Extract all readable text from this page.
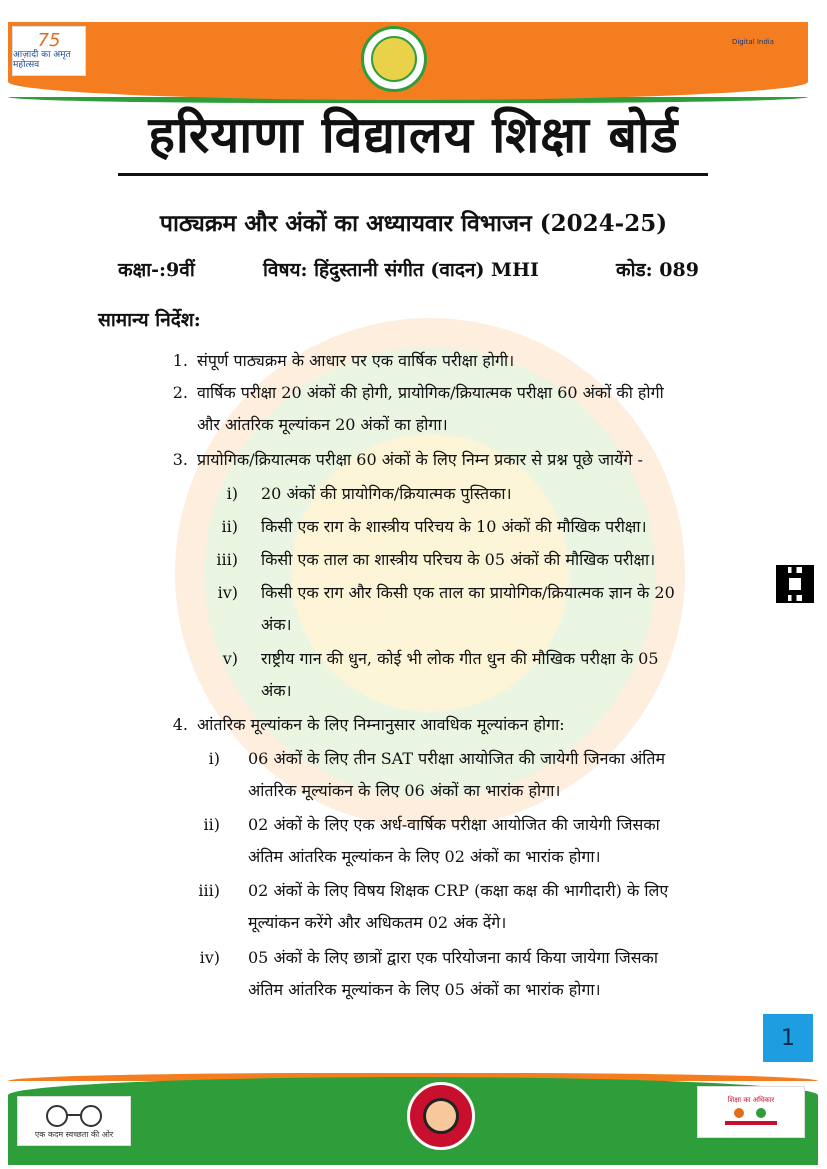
75
आज़ादी का अमृत महोत्सव
Digital India
हरियाणा विद्यालय शिक्षा बोर्ड
पाठ्यक्रम और अंकों का अध्यायवार विभाजन (2024-25)
कक्षा-:9वीं	विषय: हिंदुस्तानी संगीत (वादन) MHI	कोड: 089
सामान्य निर्देश:
1. संपूर्ण पाठ्यक्रम के आधार पर एक वार्षिक परीक्षा होगी।
2. वार्षिक परीक्षा 20 अंकों की होगी, प्रायोगिक/क्रियात्मक परीक्षा 60 अंकों की होगी
और आंतरिक मूल्यांकन 20 अंकों का होगा।
3. प्रायोगिक/क्रियात्मक परीक्षा 60 अंकों के लिए निम्न प्रकार से प्रश्न पूछे जायेंगे -
i) 20 अंकों की प्रायोगिक/क्रियात्मक पुस्तिका।
ii) किसी एक राग के शास्त्रीय परिचय के 10 अंकों की मौखिक परीक्षा।
iii) किसी एक ताल का शास्त्रीय परिचय के 05 अंकों की मौखिक परीक्षा।
iv) किसी एक राग और किसी एक ताल का प्रायोगिक/क्रियात्मक ज्ञान के 20
अंक।
v) राष्ट्रीय गान की धुन, कोई भी लोक गीत धुन की मौखिक परीक्षा के 05
अंक।
4. आंतरिक मूल्यांकन के लिए निम्नानुसार आवधिक मूल्यांकन होगा:
i) 06 अंकों के लिए तीन SAT परीक्षा आयोजित की जायेगी जिनका अंतिम
आंतरिक मूल्यांकन के लिए 06 अंकों का भारांक होगा।
ii) 02 अंकों के लिए एक अर्ध-वार्षिक परीक्षा आयोजित की जायेगी जिसका
अंतिम आंतरिक मूल्यांकन के लिए 02 अंकों का भारांक होगा।
iii) 02 अंकों के लिए विषय शिक्षक CRP (कक्षा कक्ष की भागीदारी) के लिए
मूल्यांकन करेंगे और अधिकतम 02 अंक देंगे।
iv) 05 अंकों के लिए छात्रों द्वारा एक परियोजना कार्य किया जायेगा जिसका
अंतिम आंतरिक मूल्यांकन के लिए 05 अंकों का भारांक होगा।
1
एक कदम स्वच्छता की ओर
शिक्षा का अधिकार
